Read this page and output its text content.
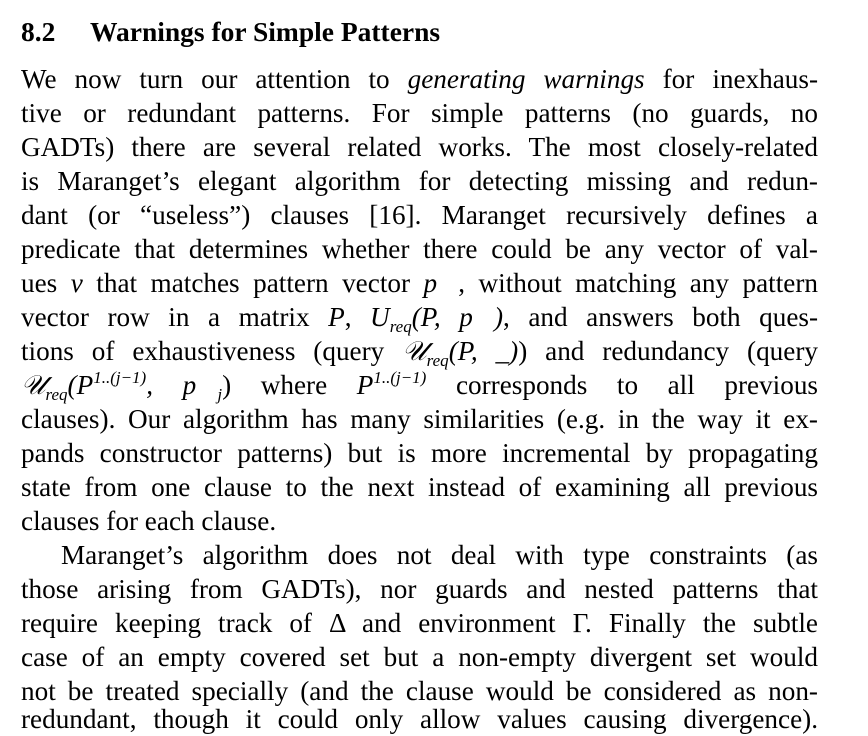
8.2 Warnings for Simple Patterns
We now turn our attention to generating warnings for inexhaus-
tive or redundant patterns. For simple patterns (no guards, no
GADTs) there are several related works. The most closely-related
is Maranget’s elegant algorithm for detecting missing and redun-
dant (or “useless”) clauses [16]. Maranget recursively defines a
predicate that determines whether there could be any vector of val-
ues v that matches pattern vector p⃗, without matching any pattern
vector row in a matrix P, $U_{req}(P$, p⃗), and answers both ques-
tions of exhaustiveness (query 𝒰$_{req}$(P, _)) and redundancy (query
$𝒰_{req}(P^{1..(j-1)}$, $p⃗_j$) where $P^{1..(j-1)}$ corresponds to all previous
clauses). Our algorithm has many similarities (e.g. in the way it ex-
pands constructor patterns) but is more incremental by propagating
state from one clause to the next instead of examining all previous
clauses for each clause.
Maranget’s algorithm does not deal with type constraints (as
those arising from GADTs), nor guards and nested patterns that
require keeping track of Δ and environment Γ. Finally the subtle
case of an empty covered set but a non-empty divergent set would
not be treated specially (and the clause would be considered as non-
redundant, though it could only allow values causing divergence).
